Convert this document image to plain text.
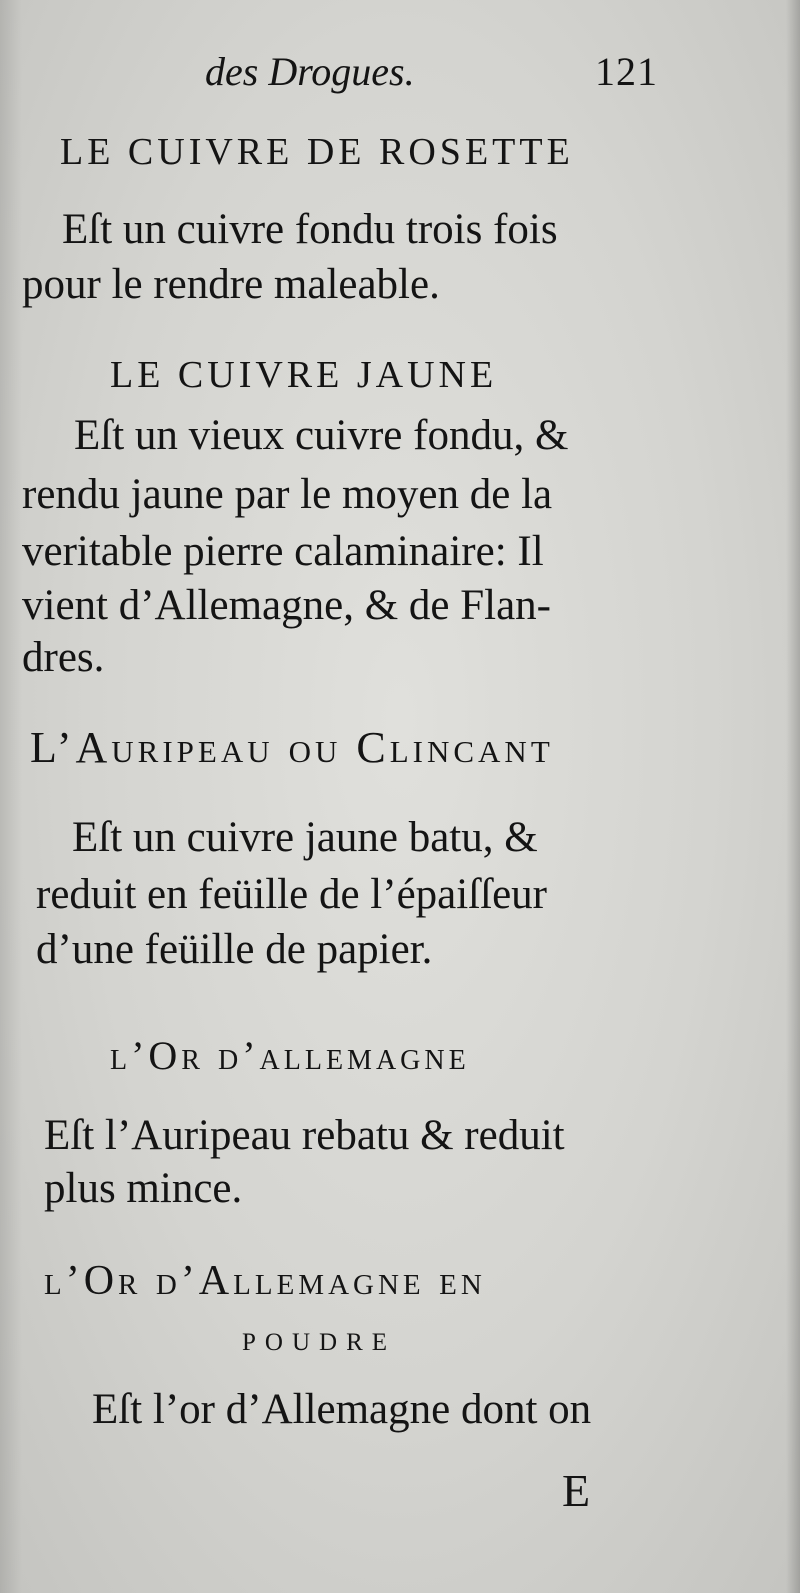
des Drogues.	121
LE CUIVRE DE ROSETTE
Eſt un cuivre fondu trois fois
pour le rendre maleable.
LE CUIVRE JAUNE
Eſt un vieux cuivre fondu, &
rendu jaune par le moyen de la
veritable pierre calaminaire: Il
vient d’Allemagne, & de Flan-
dres.
L’Auripeau ou Clincant
Eſt un cuivre jaune batu, &
reduit en feüille de l’épaiſſeur
d’une feüille de papier.
l’Or d’allemagne
Eſt l’Auripeau rebatu & reduit
plus mince.
l’Or d’Allemagne en
poudre
Eſt l’or d’Allemagne dont on
E
